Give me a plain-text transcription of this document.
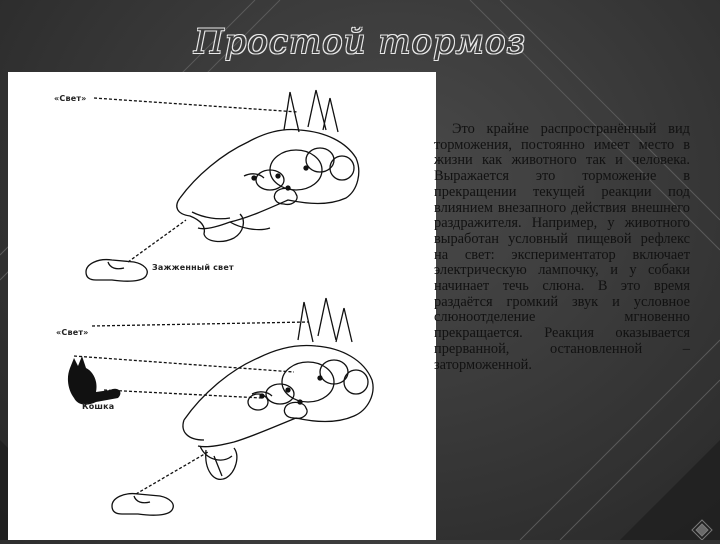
Простой тормоз
«Свет»
Зажженный свет
«Свет»
Кошка

Это крайне распространённый вид торможения, постоянно имеет место в жизни как животного так и человека. Выражается это торможение в прекращении текущей реакции под влиянием внезапного действия внешнего раздражителя. Например, у животного выработан условный пищевой рефлекс на свет: экспериментатор включает электрическую лампочку, и у собаки начинает течь слюна. В это время раздаётся громкий звук и условное слюноотделение мгновенно прекращается. Реакция оказывается прерванной, остановленной – заторможенной.
